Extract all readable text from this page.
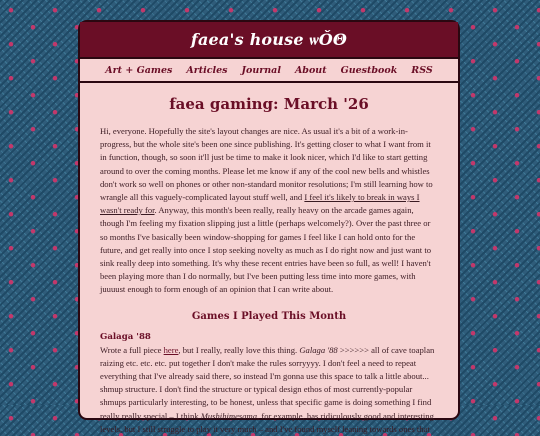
faea's house ѡǑΘ
Art + Games Articles Journal About Guestbook RSS
faea gaming: March '26

Hi, everyone. Hopefully the site's layout changes are nice. As usual it's a bit of a work-in-progress, but the whole site's been one since publishing. It's getting closer to what I want from it in function, though, so soon it'll just be time to make it look nicer, which I'd like to start getting around to over the coming months. Please let me know if any of the cool new bells and whistles don't work so well on phones or other non-standard monitor resolutions; I'm still learning how to wrangle all this vaguely-complicated layout stuff well, and I feel it's likely to break in ways I wasn't ready for. Anyway, this month's been really, really heavy on the arcade games again, though I'm feeling my fixation slipping just a little (perhaps welcomely?). Over the past three or so months I've basically been window-shopping for games I feel like I can hold onto for the future, and get really into once I stop seeking novelty as much as I do right now and just want to sink really deep into something. It's why these recent entries have been so full, as well! I haven't been playing more than I do normally, but I've been putting less time into more games, with juuuust enough to form enough of an opinion that I can write about.

Games I Played This Month
Galaga '88

Wrote a full piece here, but I really, really love this thing. Galaga '88 >>>>>> all of cave toaplan raizing etc. etc. etc. put together I don't make the rules sorryyyy. I don't feel a need to repeat everything that I've already said there, so instead I'm gonna use this space to talk a little about... shmup structure. I don't find the structure or typical design ethos of most currently-popular shmups particularly interesting, to be honest, unless that specific game is doing something I find really really special – I think Mushihimesama, for example, has ridiculously good and interesting levels, but I still struggle to play it very much – and I've found myself leaning towards ones that
